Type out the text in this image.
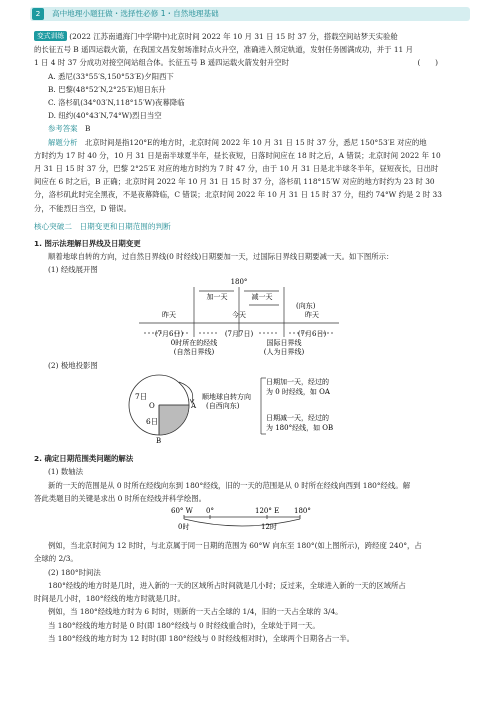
2	高中地理小题狂做・选择性必修 1・自然地理基础

变式训练 (2022 江苏南通海门中学期中)北京时间 2022 年 10 月 31 日 15 时 37 分，搭载空间站梦天实验舱

的长征五号 B 遥四运载火箭，在我国文昌发射场准时点火升空，准确进入预定轨道，发射任务圆满成功，并于 11 月

1 日 4 时 37 分成功对接空间站组合体。长征五号 B 遥四运载火箭发射升空时	(　　)

A. 悉尼(33°55′S,150°53′E)夕阳西下

B. 巴黎(48°52′N,2°25′E)旭日东升

C. 洛杉矶(34°03′N,118°15′W)夜幕降临

D. 纽约(40°43′N,74°W)烈日当空

参考答案　 B

解题分析　 北京时间是指120°E的地方时，北京时间 2022 年 10 月 31 日 15 时 37 分，悉尼 150°53′E 对应的地

方时约为 17 时 40 分，10 月 31 日是南半球夏半年，昼长夜短，日落时间应在 18 时之后，A 错误；北京时间 2022 年 10

月 31 日 15 时 37 分，巴黎 2°25′E 对应的地方时约为 7 时 47 分，由于 10 月 31 日是北半球冬半年，昼短夜长，日出时

间应在 6 时之后，B 正确；北京时间 2022 年 10 月 31 日 15 时 37 分，洛杉矶 118°15′W 对应的地方时约为 23 时 30

分，洛杉矶此时完全黑夜，不是夜幕降临，C 错误；北京时间 2022 年 10 月 31 日 15 时 37 分，纽约 74°W 约是 2 时 33

分，不能烈日当空，D 错误。

核心突破二　日期变更和日期范围的判断

1. 图示法理解日界线及日期变更

顺着地球自转的方向，过自然日界线(0 时经线)日期要加一天，过国际日界线日期要减一天。如下图所示：

(1) 经线展开图

180°
加一天	减一天
(向东)
昨天
(7月6日)
今天
(7月7日)
昨天
(7月6日)
0时所在的经线
(自然日界线)
国际日界线
(人为日界线)

(2) 极地投影图

7日
6日
O	A
B
顺地球自转方向
(自西向东)
日期加一天，经过的
为 0 时经线，如 OA
日期减一天，经过的
为 180°经线，如 OB

2. 确定日期范围类问题的解法

(1) 数轴法

新的一天的范围是从 0 时所在经线向东到 180°经线，旧的一天的范围是从 0 时所在经线向西到 180°经线。解

答此类题目的关键是求出 0 时所在经线并科学绘图。

60° W 0°	120° E 180°
0时	12时

例如，当北京时间为 12 时时，与北京属于同一日期的范围为 60°W 向东至 180°(如上图所示)，跨经度 240°，占

全球的 2/3。

(2) 180°时间法

180°经线的地方时是几时，进入新的一天的区域所占时间就是几小时；反过来，全球进入新的一天的区域所占

时间是几小时，180°经线的地方时就是几时。

例如，当 180°经线地方时为 6 时时，则新的一天占全球的 1/4，旧的一天占全球的 3/4。

当 180°经线的地方时是 0 时(即 180°经线与 0 时经线重合时)，全球处于同一天。

当 180°经线的地方时为 12 时时(即 180°经线与 0 时经线相对时)，全球两个日期各占一半。
